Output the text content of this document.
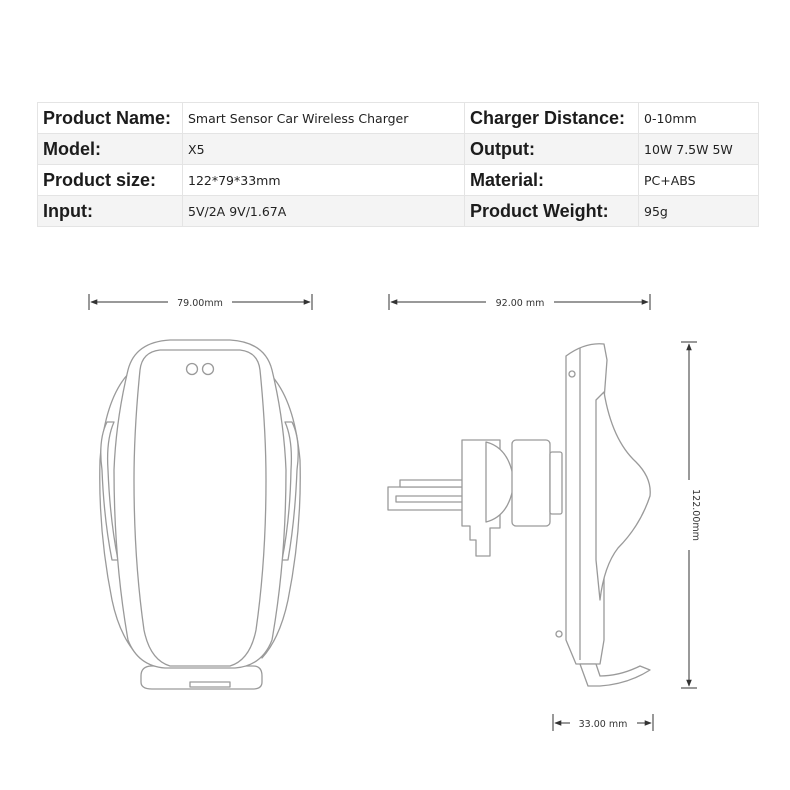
Product Name:	Smart Sensor Car Wireless Charger	Charger Distance:	0-10mm
Model:	X5	Output:	10W 7.5W 5W
Product size:	122*79*33mm	Material:	PC+ABS
Input:	5V/2A 9V/1.67A	Product Weight:	95g
79.00mm	92.00 mm
122.00mm
33.00 mm
